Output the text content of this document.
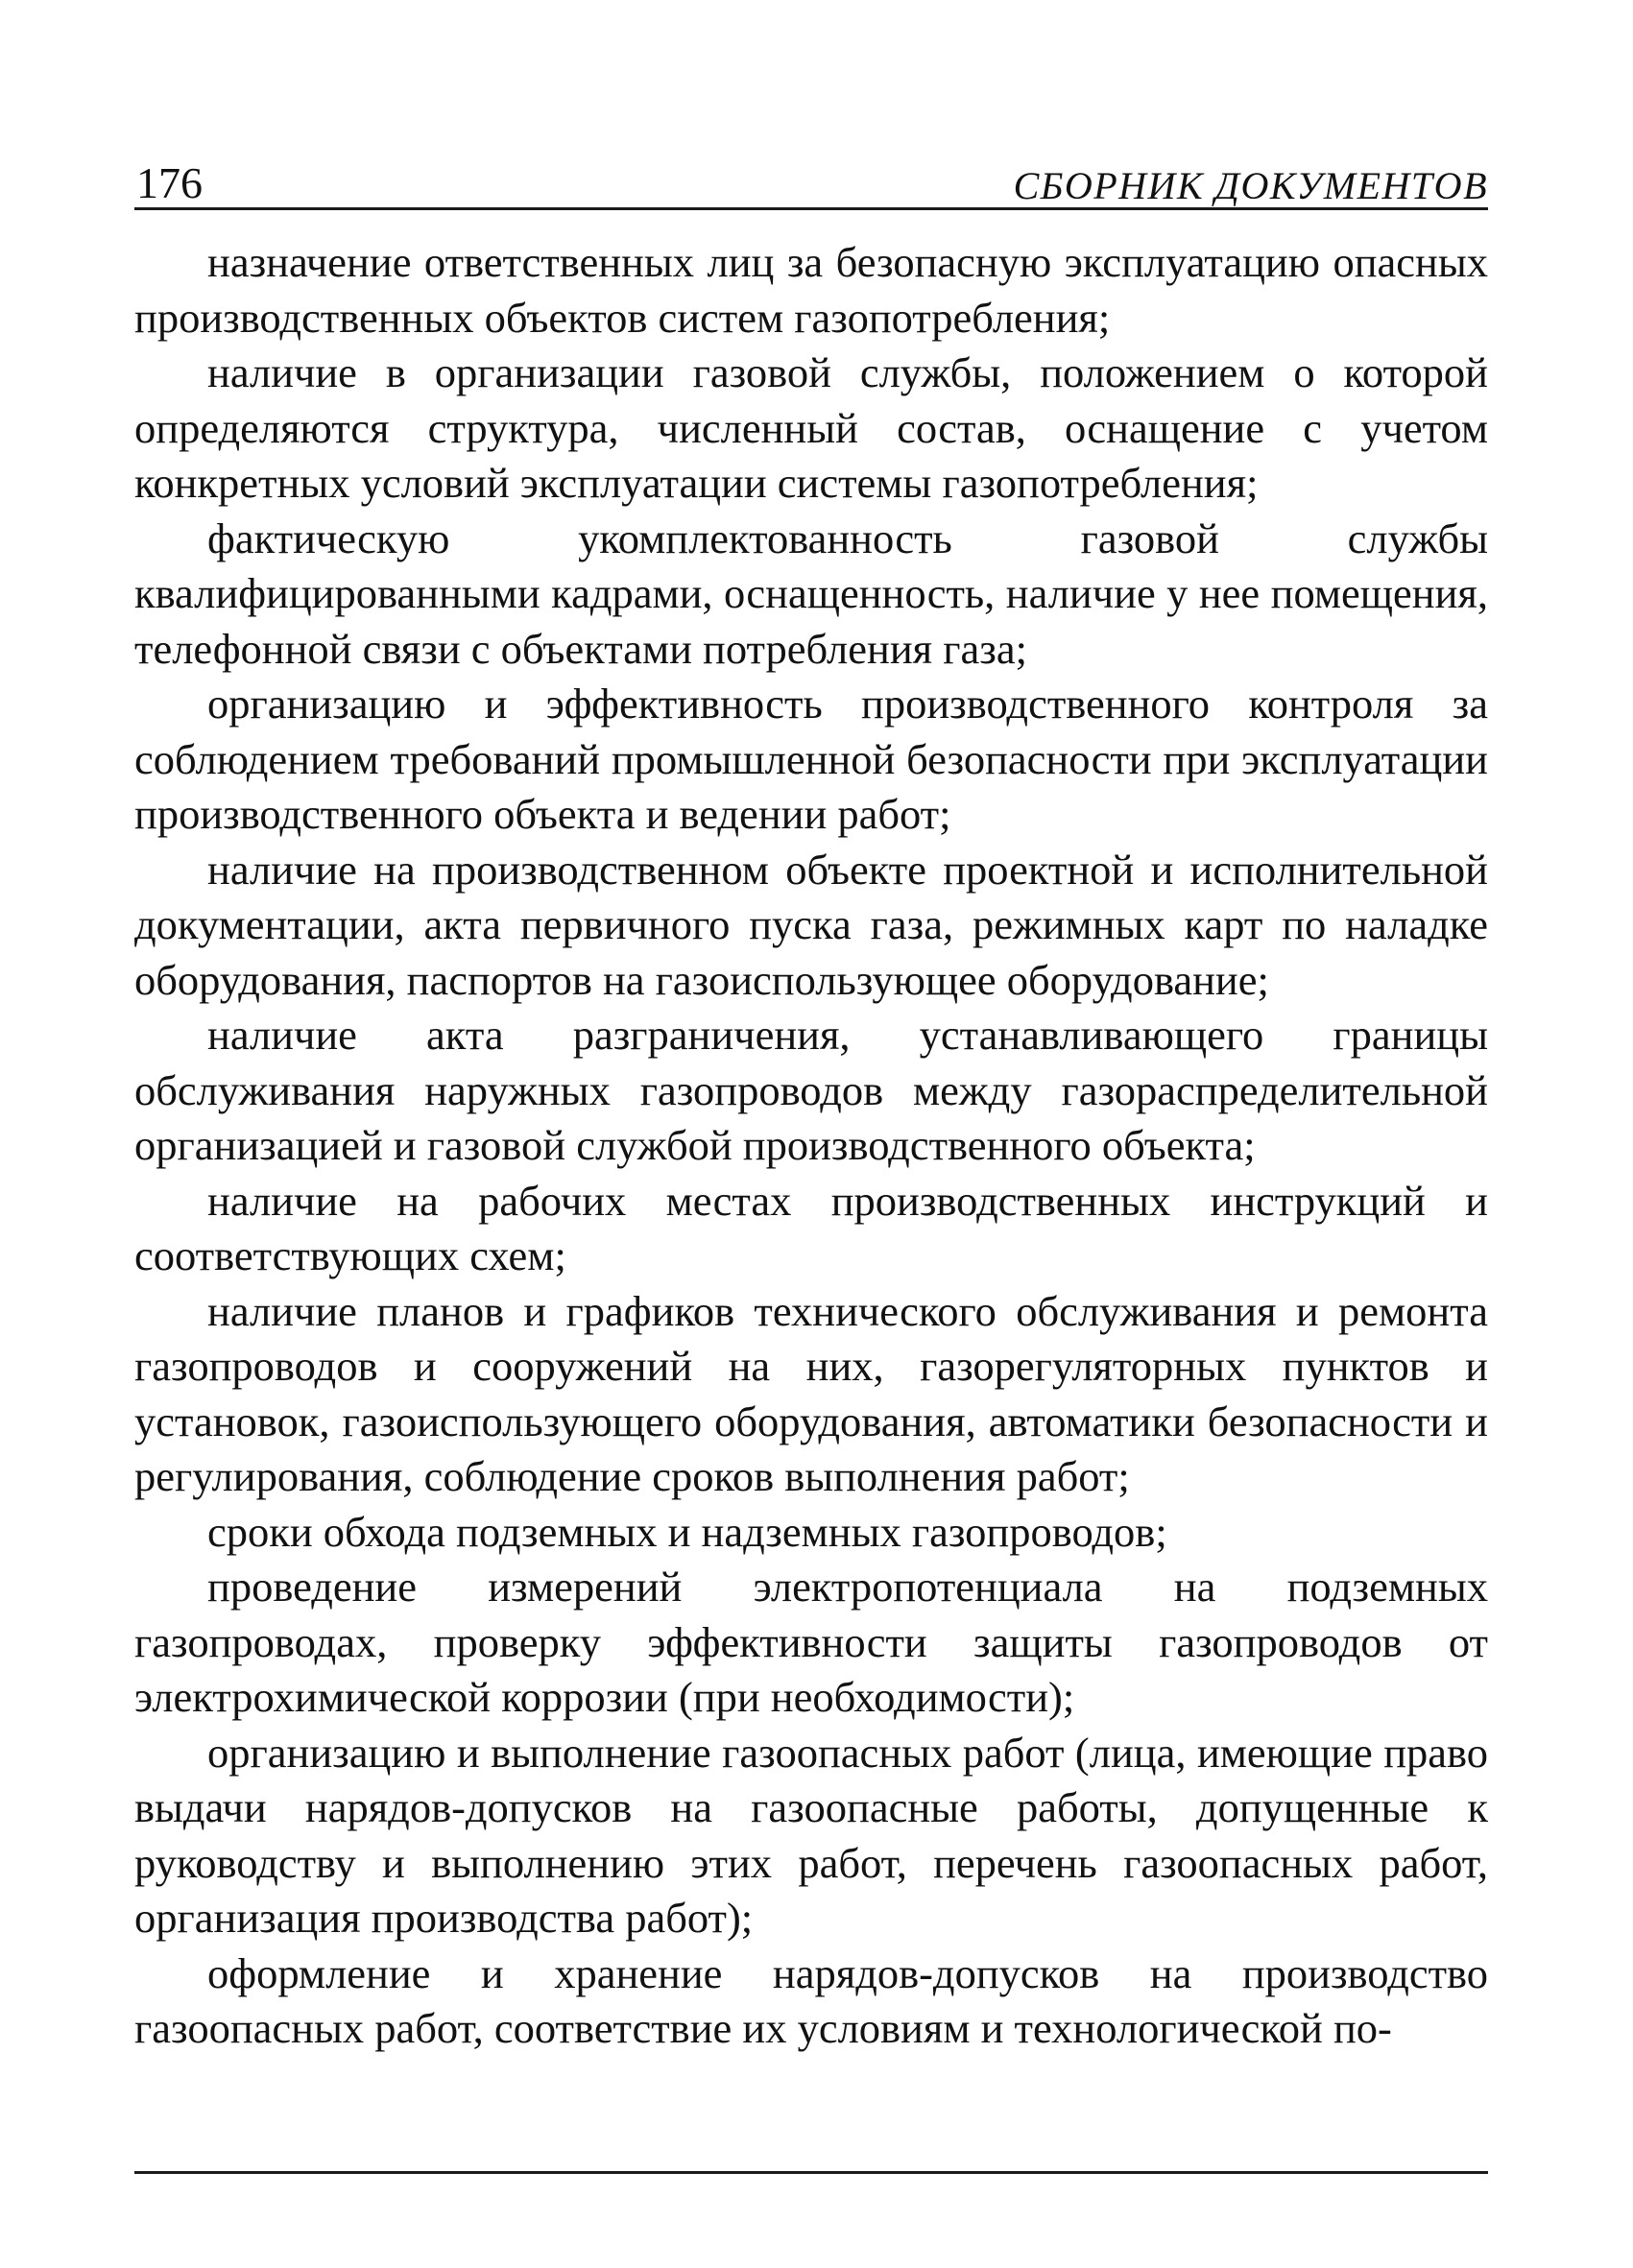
176	СБОРНИК ДОКУМЕНТОВ

назначение ответственных лиц за безопасную эксплуатацию опасных производственных объектов систем газопотребления;

наличие в организации газовой службы, положением о которой определяются структура, численный состав, оснащение с учетом конкретных условий эксплуатации системы газопотребления;

фактическую укомплектованность газовой службы квалифицированными кадрами, оснащенность, наличие у нее помещения, телефонной связи с объектами потребления газа;

организацию и эффективность производственного контроля за соблюдением требований промышленной безопасности при эксплуатации производственного объекта и ведении работ;

наличие на производственном объекте проектной и исполнительной документации, акта первичного пуска газа, режимных карт по наладке оборудования, паспортов на газоиспользующее оборудование;

наличие акта разграничения, устанавливающего границы обслуживания наружных газопроводов между газораспределительной организацией и газовой службой производственного объекта;

наличие на рабочих местах производственных инструкций и соответствующих схем;

наличие планов и графиков технического обслуживания и ремонта газопроводов и сооружений на них, газорегуляторных пунктов и установок, газоиспользующего оборудования, автоматики безопасности и регулирования, соблюдение сроков выполнения работ;

сроки обхода подземных и надземных газопроводов;

проведение измерений электропотенциала на подземных газопроводах, проверку эффективности защиты газопроводов от электрохимической коррозии (при необходимости);

организацию и выполнение газоопасных работ (лица, имеющие право выдачи нарядов-допусков на газоопасные работы, допущенные к руководству и выполнению этих работ, перечень газоопасных работ, организация производства работ);

оформление и хранение нарядов-допусков на производство газоопасных работ, соответствие их условиям и технологической по-
